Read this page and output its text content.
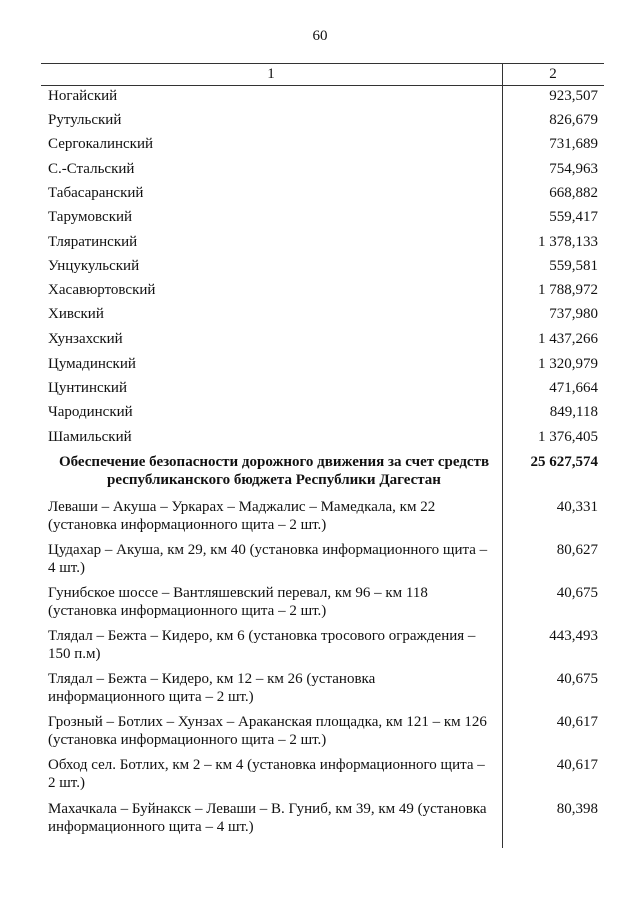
60
1	2
Ногайский	923,507
Рутульский	826,679
Сергокалинский	731,689
С.-Стальский	754,963
Табасаранский	668,882
Тарумовский	559,417
Тляратинский	1 378,133
Унцукульский	559,581
Хасавюртовский	1 788,972
Хивский	737,980
Хунзахский	1 437,266
Цумадинский	1 320,979
Цунтинский	471,664
Чародинский	849,118
Шамильский	1 376,405
Обеспечение безопасности дорожного движения за счет средств
республиканского бюджета Республики Дагестан
25 627,574
Леваши – Акуша – Уркарах – Маджалис – Мамедкала, км 22
(установка информационного щита – 2 шт.)
40,331
Цудахар – Акуша, км 29, км 40 (установка информационного щита –
4 шт.)
80,627
Гунибское шоссе – Вантляшевский перевал, км 96 – км 118
(установка информационного щита – 2 шт.)
40,675
Тлядал – Бежта – Кидеро, км 6 (установка тросового ограждения –
150 п.м)
443,493
Тлядал – Бежта – Кидеро, км 12 – км 26 (установка
информационного щита – 2 шт.)
40,675
Грозный – Ботлих – Хунзах – Араканская площадка, км 121 – км 126
(установка информационного щита – 2 шт.)
40,617
Обход сел. Ботлих, км 2 – км 4 (установка информационного щита –
2 шт.)
40,617
Махачкала – Буйнакск – Леваши – В. Гуниб, км 39, км 49 (установка
информационного щита – 4 шт.)
80,398
